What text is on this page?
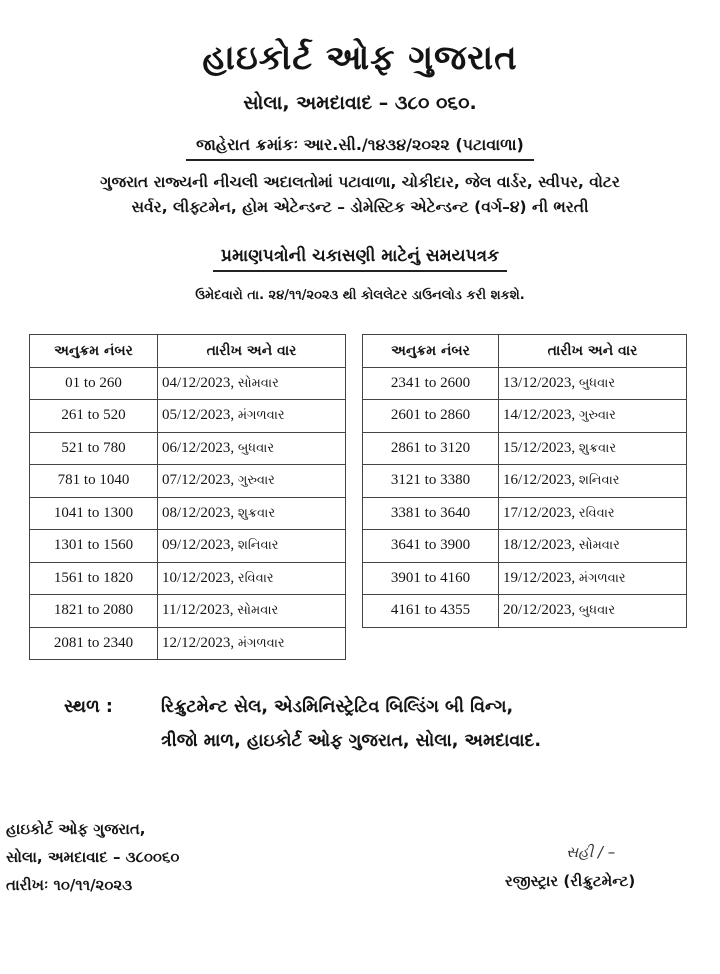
હાઇકોર્ટ ઓફ ગુજરાત
સોલા, અમદાવાદ – ૩૮૦ ૦૬૦.
જાહેરાત ક્રમાંકઃ આર.સી./૧૪૩૪/૨૦૨૨ (પટાવાળા)
ગુજરાત રાજ્યની નીચલી અદાલતોમાં પટાવાળા, ચોકીદાર, જેલ વાર્ડર, સ્વીપર, વોટર
સર્વર, લીફ્ટમેન, હોમ એટેન્ડન્ટ – ડોમેસ્ટિક એટેન્ડન્ટ (વર્ગ–૪) ની ભરતી
પ્રમાણપત્રોની ચકાસણી માટેનું સમયપત્રક
ઉમેદવારો તા. ૨૪/૧૧/૨૦૨૩ થી કોલલેટર ડાઉનલોડ કરી શકશે.
અનુક્રમ નંબર	તારીખ અને વાર
01 to 260	04/12/2023, સોમવાર
261 to 520	05/12/2023, મંગળવાર
521 to 780	06/12/2023, બુધવાર
781 to 1040	07/12/2023, ગુરુવાર
1041 to 1300	08/12/2023, શુક્રવાર
1301 to 1560	09/12/2023, શનિવાર
1561 to 1820	10/12/2023, રવિવાર
1821 to 2080	11/12/2023, સોમવાર
2081 to 2340	12/12/2023, મંગળવાર
અનુક્રમ નંબર	તારીખ અને વાર
2341 to 2600	13/12/2023, બુધવાર
2601 to 2860	14/12/2023, ગુરુવાર
2861 to 3120	15/12/2023, શુક્રવાર
3121 to 3380	16/12/2023, શનિવાર
3381 to 3640	17/12/2023, રવિવાર
3641 to 3900	18/12/2023, સોમવાર
3901 to 4160	19/12/2023, મંગળવાર
4161 to 4355	20/12/2023, બુધવાર
સ્થળ :	રિક્રુટમેન્ટ સેલ, એડમિનિસ્ટ્રેટિવ બિલ્ડિંગ બી વિન્ગ,
ત્રીજો માળ, હાઇકોર્ટ ઓફ ગુજરાત, સોલા, અમદાવાદ.
હાઇકોર્ટ ઓફ ગુજરાત,
સોલા, અમદાવાદ – ૩૮૦૦૬૦
તારીખઃ ૧૦/૧૧/૨૦૨૩
સહી / –
રજીસ્ટ્રાર (રીક્રુટમેન્ટ)
